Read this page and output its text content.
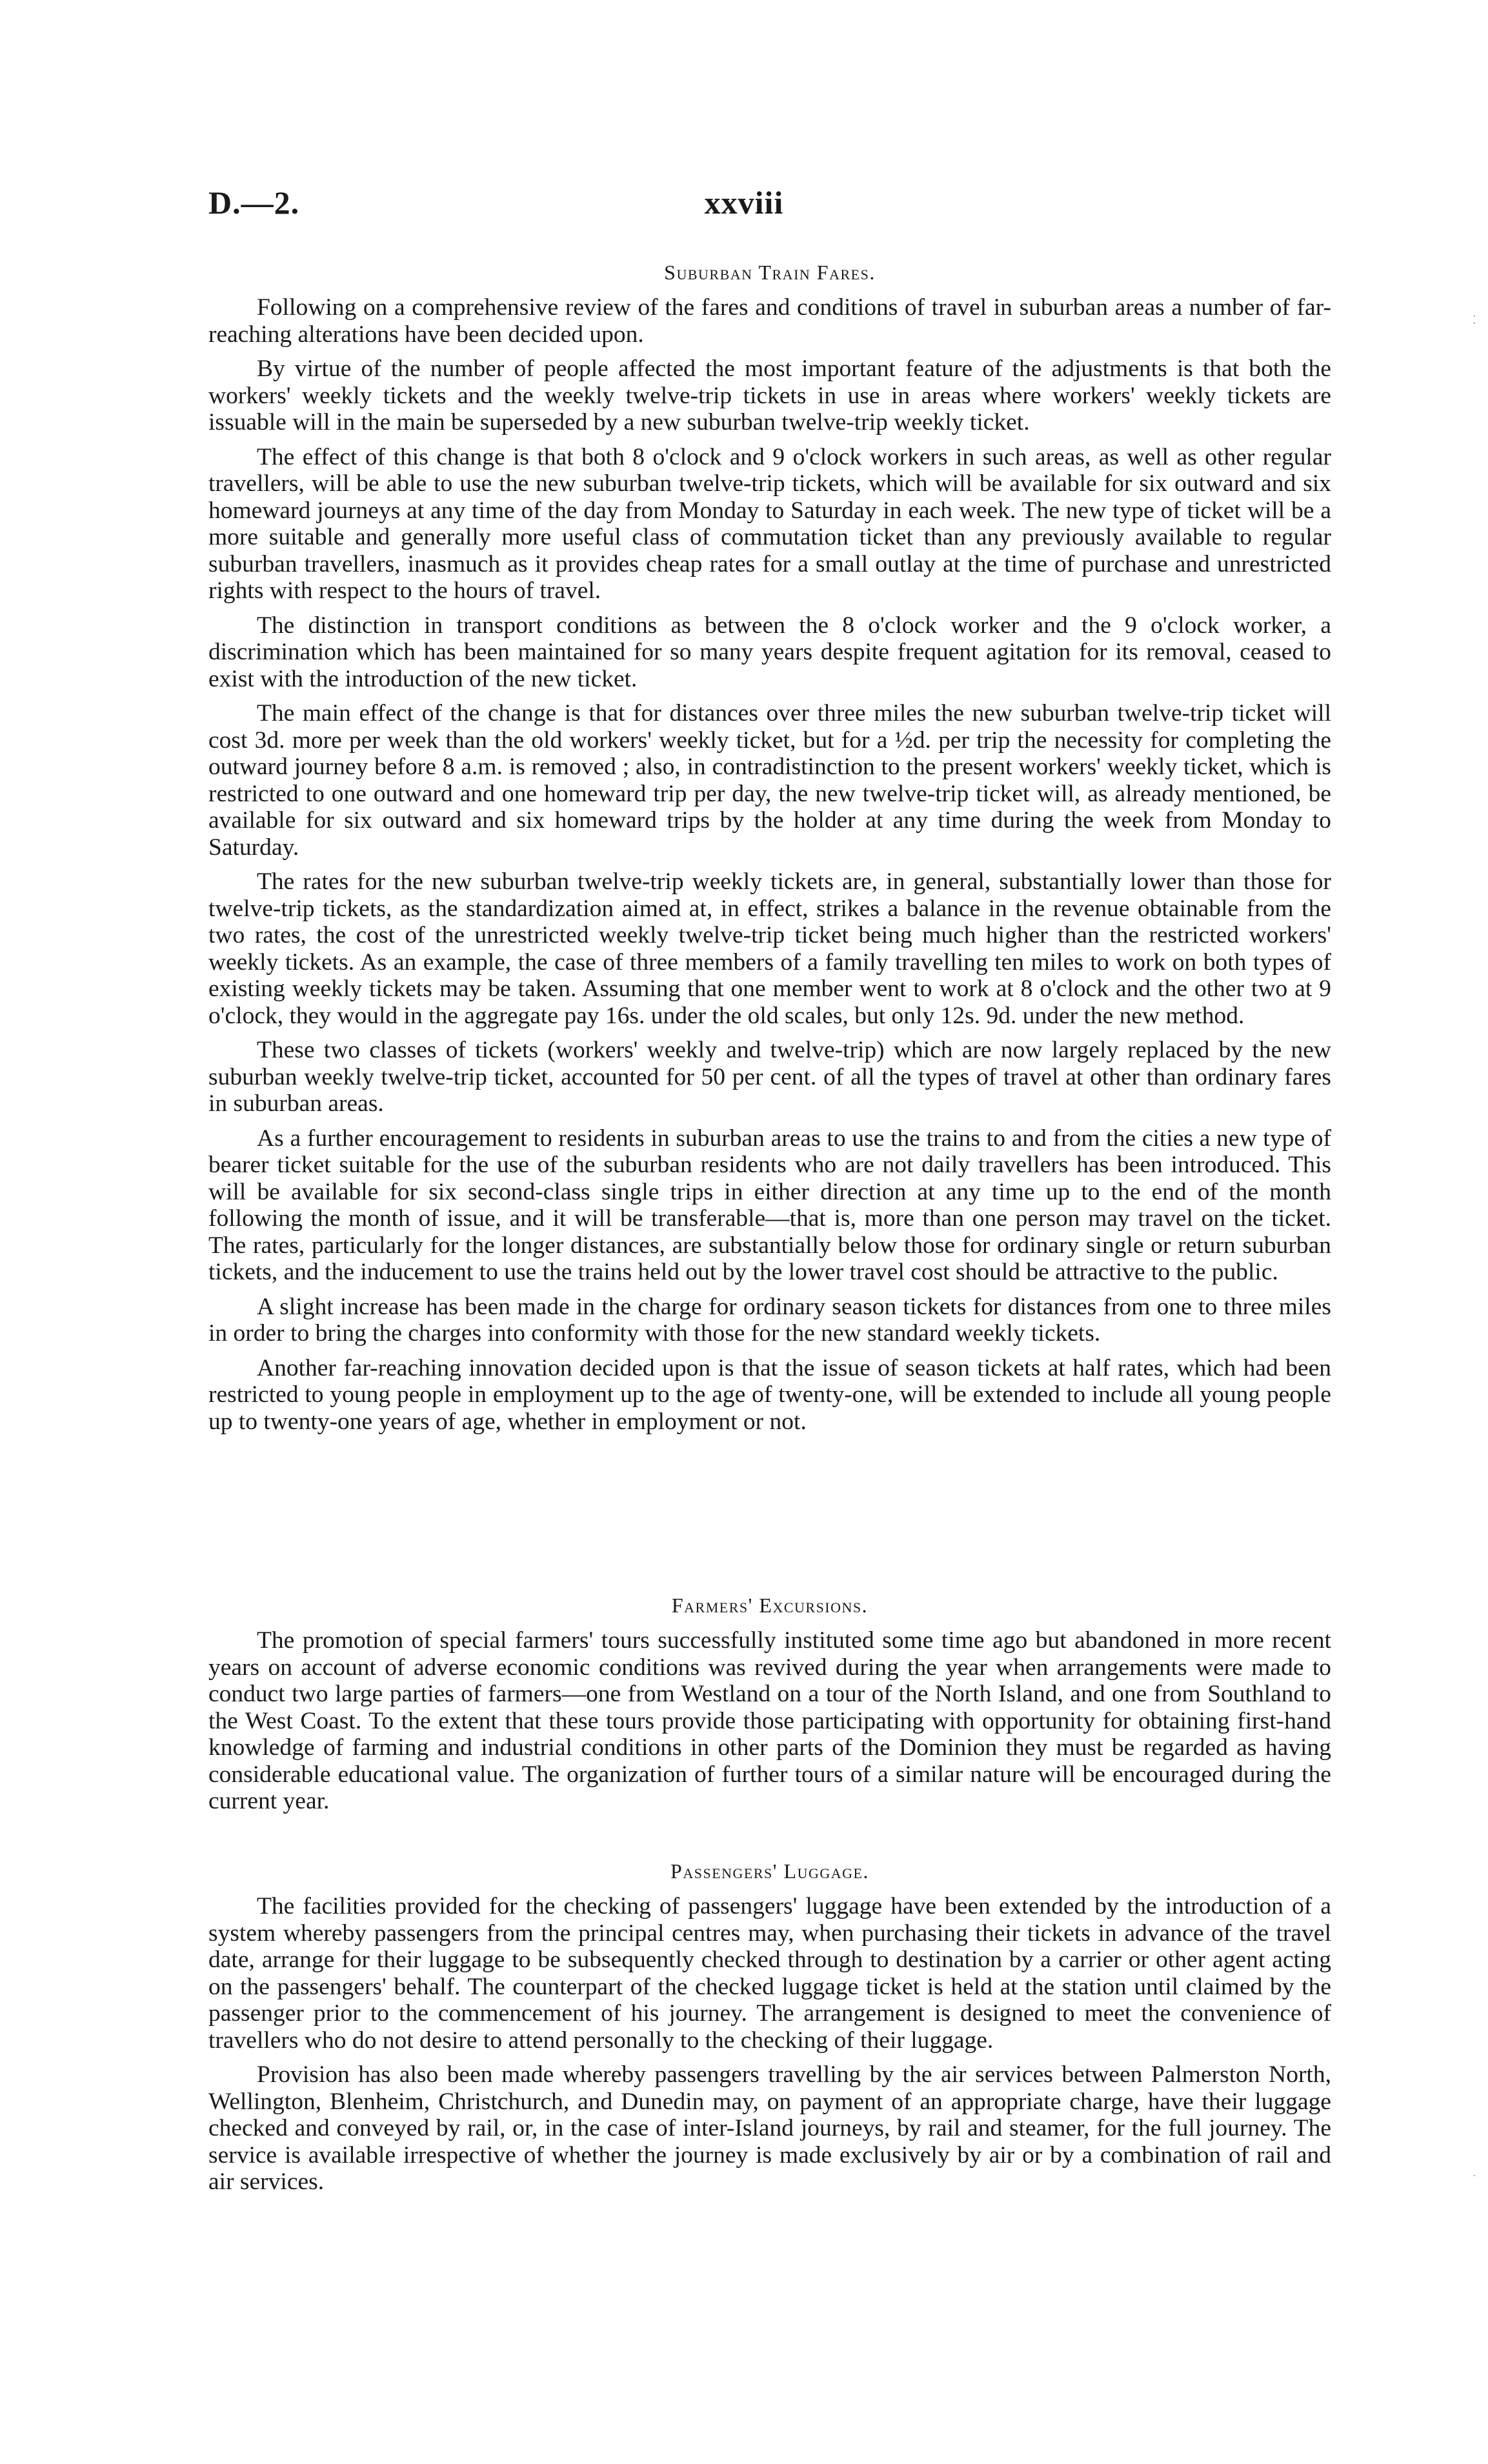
D.—2.	xxviii
Suburban Train Fares.

Following on a comprehensive review of the fares and conditions of travel in suburban areas a number of far-reaching alterations have been decided upon.

By virtue of the number of people affected the most important feature of the adjustments is that both the workers' weekly tickets and the weekly twelve-trip tickets in use in areas where workers' weekly tickets are issuable will in the main be superseded by a new suburban twelve-trip weekly ticket.

The effect of this change is that both 8 o'clock and 9 o'clock workers in such areas, as well as other regular travellers, will be able to use the new suburban twelve-trip tickets, which will be available for six outward and six homeward journeys at any time of the day from Monday to Saturday in each week. The new type of ticket will be a more suitable and generally more useful class of commutation ticket than any previously available to regular suburban travellers, inasmuch as it provides cheap rates for a small outlay at the time of purchase and unrestricted rights with respect to the hours of travel.

The distinction in transport conditions as between the 8 o'clock worker and the 9 o'clock worker, a discrimination which has been maintained for so many years despite frequent agitation for its removal, ceased to exist with the introduction of the new ticket.

The main effect of the change is that for distances over three miles the new suburban twelve-trip ticket will cost 3d. more per week than the old workers' weekly ticket, but for a ½d. per trip the necessity for completing the outward journey before 8 a.m. is removed ; also, in contradistinction to the present workers' weekly ticket, which is restricted to one outward and one homeward trip per day, the new twelve-trip ticket will, as already mentioned, be available for six outward and six homeward trips by the holder at any time during the week from Monday to Saturday.

The rates for the new suburban twelve-trip weekly tickets are, in general, substantially lower than those for twelve-trip tickets, as the standardization aimed at, in effect, strikes a balance in the revenue obtainable from the two rates, the cost of the unrestricted weekly twelve-trip ticket being much higher than the restricted workers' weekly tickets. As an example, the case of three members of a family travelling ten miles to work on both types of existing weekly tickets may be taken. Assuming that one member went to work at 8 o'clock and the other two at 9 o'clock, they would in the aggregate pay 16s. under the old scales, but only 12s. 9d. under the new method.

These two classes of tickets (workers' weekly and twelve-trip) which are now largely replaced by the new suburban weekly twelve-trip ticket, accounted for 50 per cent. of all the types of travel at other than ordinary fares in suburban areas.

As a further encouragement to residents in suburban areas to use the trains to and from the cities a new type of bearer ticket suitable for the use of the suburban residents who are not daily travellers has been introduced. This will be available for six second-class single trips in either direction at any time up to the end of the month following the month of issue, and it will be transferable—that is, more than one person may travel on the ticket. The rates, particularly for the longer distances, are substantially below those for ordinary single or return suburban tickets, and the inducement to use the trains held out by the lower travel cost should be attractive to the public.

A slight increase has been made in the charge for ordinary season tickets for distances from one to three miles in order to bring the charges into conformity with those for the new standard weekly tickets.

Another far-reaching innovation decided upon is that the issue of season tickets at half rates, which had been restricted to young people in employment up to the age of twenty-one, will be extended to include all young people up to twenty-one years of age, whether in employment or not.

Farmers' Excursions.

The promotion of special farmers' tours successfully instituted some time ago but abandoned in more recent years on account of adverse economic conditions was revived during the year when arrangements were made to conduct two large parties of farmers—one from Westland on a tour of the North Island, and one from Southland to the West Coast. To the extent that these tours provide those participating with opportunity for obtaining first-hand knowledge of farming and industrial conditions in other parts of the Dominion they must be regarded as having considerable educational value. The organization of further tours of a similar nature will be encouraged during the current year.

Passengers' Luggage.

The facilities provided for the checking of passengers' luggage have been extended by the introduction of a system whereby passengers from the principal centres may, when purchasing their tickets in advance of the travel date, arrange for their luggage to be subsequently checked through to destination by a carrier or other agent acting on the passengers' behalf. The counterpart of the checked luggage ticket is held at the station until claimed by the passenger prior to the commencement of his journey. The arrangement is designed to meet the convenience of travellers who do not desire to attend personally to the checking of their luggage.

Provision has also been made whereby passengers travelling by the air services between Palmerston North, Wellington, Blenheim, Christchurch, and Dunedin may, on payment of an appropriate charge, have their luggage checked and conveyed by rail, or, in the case of inter-Island journeys, by rail and steamer, for the full journey. The service is available irrespective of whether the journey is made exclusively by air or by a combination of rail and air services.

⁚
·
